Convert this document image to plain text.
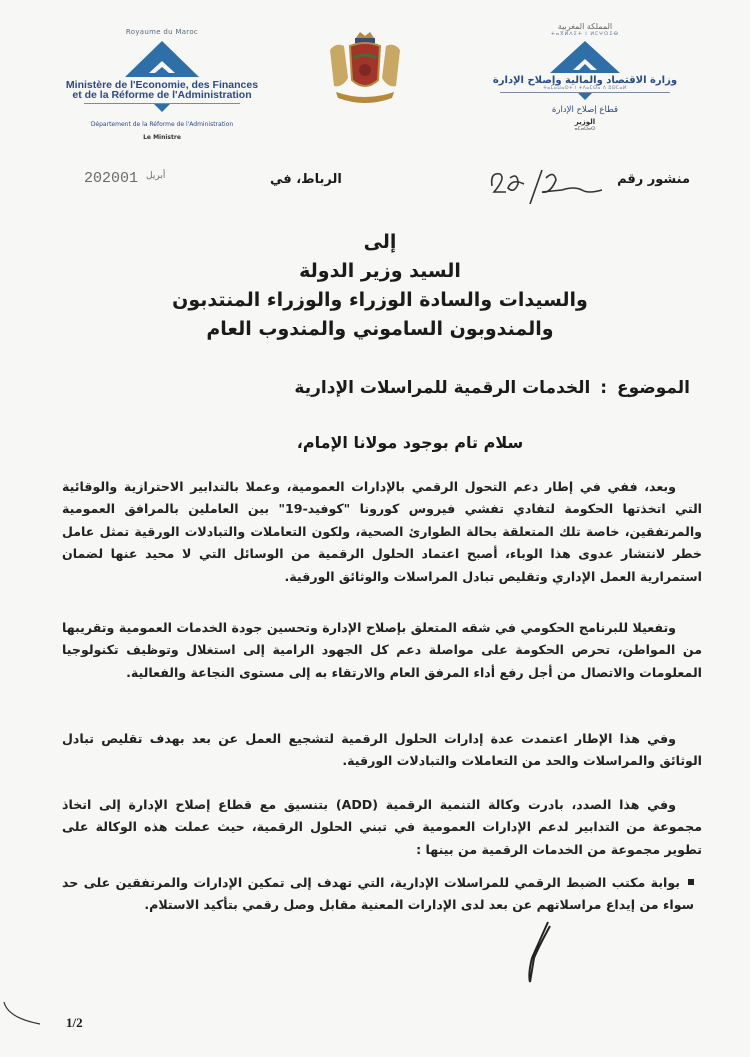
Royaume du Maroc
Ministère de l'Economie, des Finances
et de la Réforme de l'Administration
Département de la Réforme de l'Administration
Le Ministre
المملكة المغربية
ⵜⴰⴳⵍⴷⵉⵜ ⵏ ⵍⵎⵖⵔⵉⴱ
وزارة الاقتصاد والمالية وإصلاح الإدارة
ⵜⴰⵎⴰⵡⴰⵙⵜ ⵏ ⵜⴷⴰⵎⵙⴰ ⴷ ⵓⵙⵎⴰⵍ
قطاع إصلاح الإدارة
الوزير
ⴰⵎⴰⵡⴰⵙ
منشور رقم
الرباط، في
2020	$^{أبريل}$01
إلى
السيد وزير الدولة
والسيدات والسادة الوزراء والوزراء المنتدبون
والمندوبون الساموني والمندوب العام
الموضوع : الخدمات الرقمية للمراسلات الإدارية
سلام تام بوجود مولانا الإمام،
وبعد، ففي في إطار دعم التحول الرقمي بالإدارات العمومية، وعملا بالتدابير الاحترازية والوقائية التي اتخذتها الحكومة لتفادي تفشي فيروس كورونا "كوفيد-19" بين العاملين بالمرافق العمومية والمرتفقين، خاصة تلك المتعلقة بحالة الطوارئ الصحية، ولكون التعاملات والتبادلات الورقية تمثل عامل خطر لانتشار عدوى هذا الوباء، أصبح اعتماد الحلول الرقمية من الوسائل التي لا محيد عنها لضمان استمرارية العمل الإداري وتقليص تبادل المراسلات والوثائق الورقية.
وتفعيلا للبرنامج الحكومي في شقه المتعلق بإصلاح الإدارة وتحسين جودة الخدمات العمومية وتقريبها من المواطن، تحرص الحكومة على مواصلة دعم كل الجهود الرامية إلى استغلال وتوظيف تكنولوجيا المعلومات والاتصال من أجل رفع أداء المرفق العام والارتقاء به إلى مستوى النجاعة والفعالية.
وفي هذا الإطار اعتمدت عدة إدارات الحلول الرقمية لتشجيع العمل عن بعد بهدف تقليص تبادل الوثائق والمراسلات والحد من التعاملات والتبادلات الورقية.
وفي هذا الصدد، بادرت وكالة التنمية الرقمية (ADD) بتنسيق مع قطاع إصلاح الإدارة إلى اتخاذ مجموعة من التدابير لدعم الإدارات العمومية في تبني الحلول الرقمية، حيث عملت هذه الوكالة على تطوير مجموعة من الخدمات الرقمية من بينها :
بوابة مكتب الضبط الرقمي للمراسلات الإدارية، التي تهدف إلى تمكين الإدارات والمرتفقين على حد سواء من إيداع مراسلاتهم عن بعد لدى الإدارات المعنية مقابل وصل رقمي بتأكيد الاستلام.
1/2
